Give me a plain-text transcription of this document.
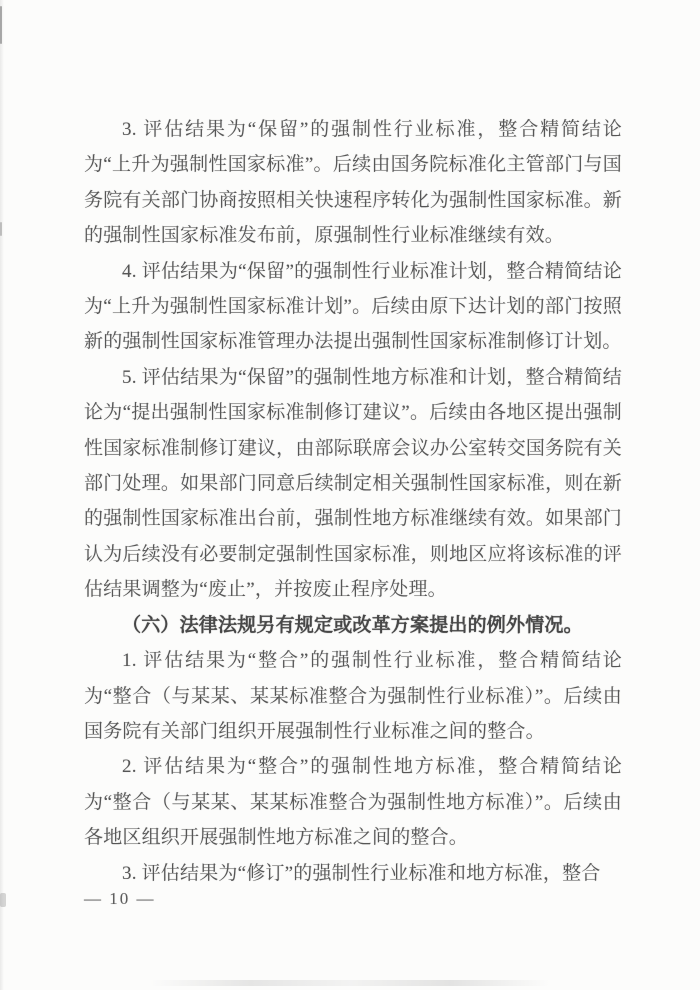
3. 评估结果为“保留”的强制性行业标准，整合精简结论为“上升为强制性国家标准”。后续由国务院标准化主管部门与国务院有关部门协商按照相关快速程序转化为强制性国家标准。新的强制性国家标准发布前，原强制性行业标准继续有效。

4. 评估结果为“保留”的强制性行业标准计划，整合精简结论为“上升为强制性国家标准计划”。后续由原下达计划的部门按照新的强制性国家标准管理办法提出强制性国家标准制修订计划。

5. 评估结果为“保留”的强制性地方标准和计划，整合精简结论为“提出强制性国家标准制修订建议”。后续由各地区提出强制性国家标准制修订建议，由部际联席会议办公室转交国务院有关部门处理。如果部门同意后续制定相关强制性国家标准，则在新的强制性国家标准出台前，强制性地方标准继续有效。如果部门认为后续没有必要制定强制性国家标准，则地区应将该标准的评估结果调整为“废止”，并按废止程序处理。

（六）法律法规另有规定或改革方案提出的例外情况。

1. 评估结果为“整合”的强制性行业标准，整合精简结论为“整合（与某某、某某标准整合为强制性行业标准）”。后续由国务院有关部门组织开展强制性行业标准之间的整合。

2. 评估结果为“整合”的强制性地方标准，整合精简结论为“整合（与某某、某某标准整合为强制性地方标准）”。后续由各地区组织开展强制性地方标准之间的整合。

3. 评估结果为“修订”的强制性行业标准和地方标准，整合

— 10 —
